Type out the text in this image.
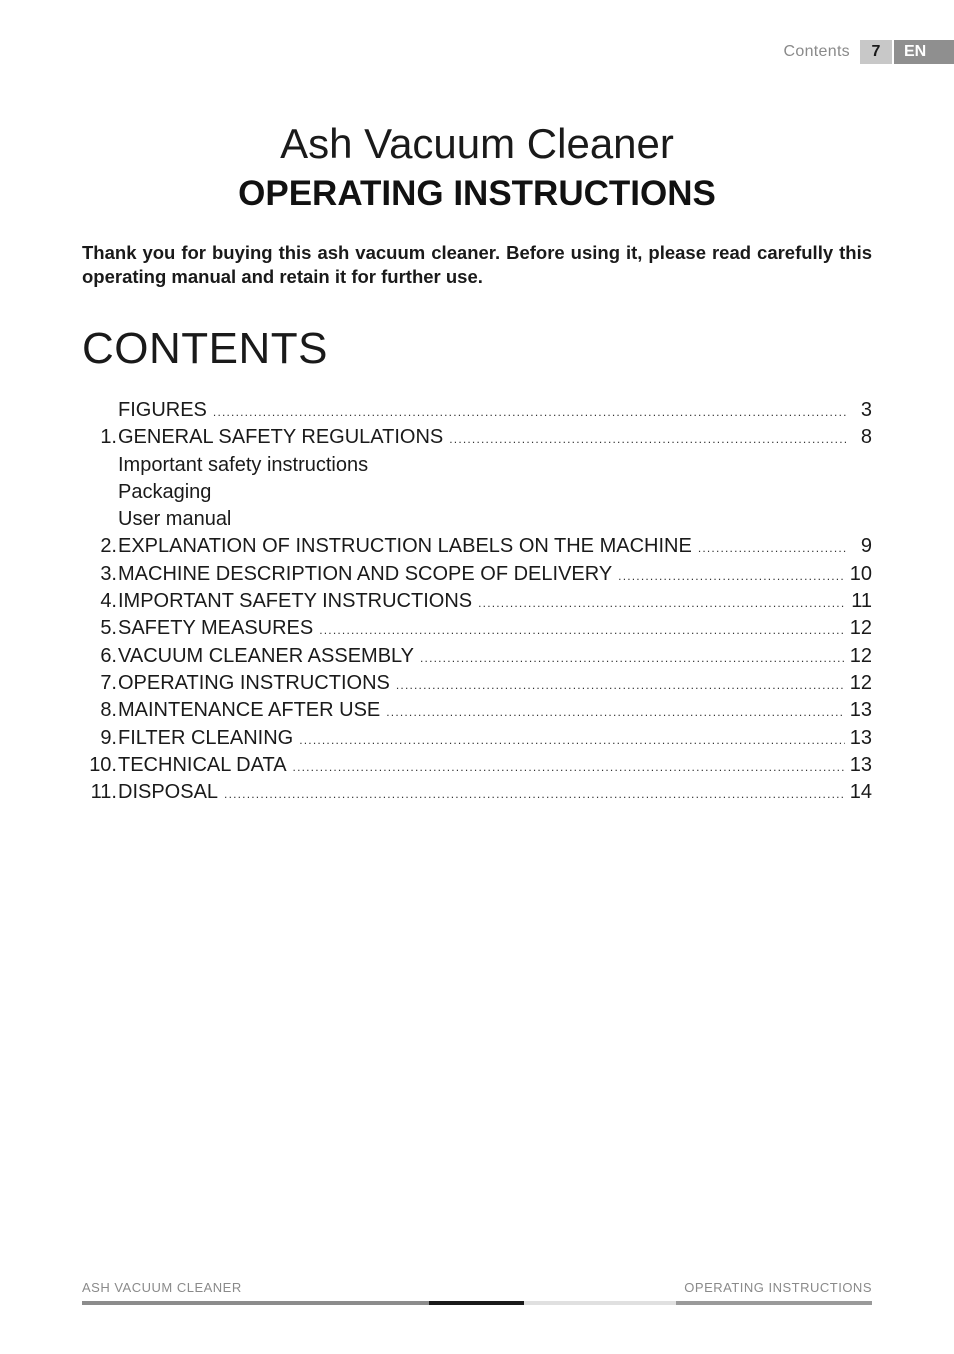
Contents	7	EN
Ash Vacuum Cleaner
OPERATING INSTRUCTIONS
Thank you for buying this ash vacuum cleaner. Before using it, please read carefully this operating manual and retain it for further use.
CONTENTS
FIGURES .....	3
1. GENERAL SAFETY REGULATIONS .....	8
Important safety instructions
Packaging
User manual
2. EXPLANATION OF INSTRUCTION LABELS ON THE MACHINE .....	9
3. MACHINE DESCRIPTION AND SCOPE OF DELIVERY .....	10
4. IMPORTANT SAFETY INSTRUCTIONS .....	11
5. SAFETY MEASURES .....	12
6. VACUUM CLEANER ASSEMBLY .....	12
7. OPERATING INSTRUCTIONS .....	12
8. MAINTENANCE AFTER USE .....	13
9. FILTER CLEANING .....	13
10. TECHNICAL DATA .....	13
11. DISPOSAL .....	14
ASH VACUUM CLEANER	OPERATING INSTRUCTIONS
